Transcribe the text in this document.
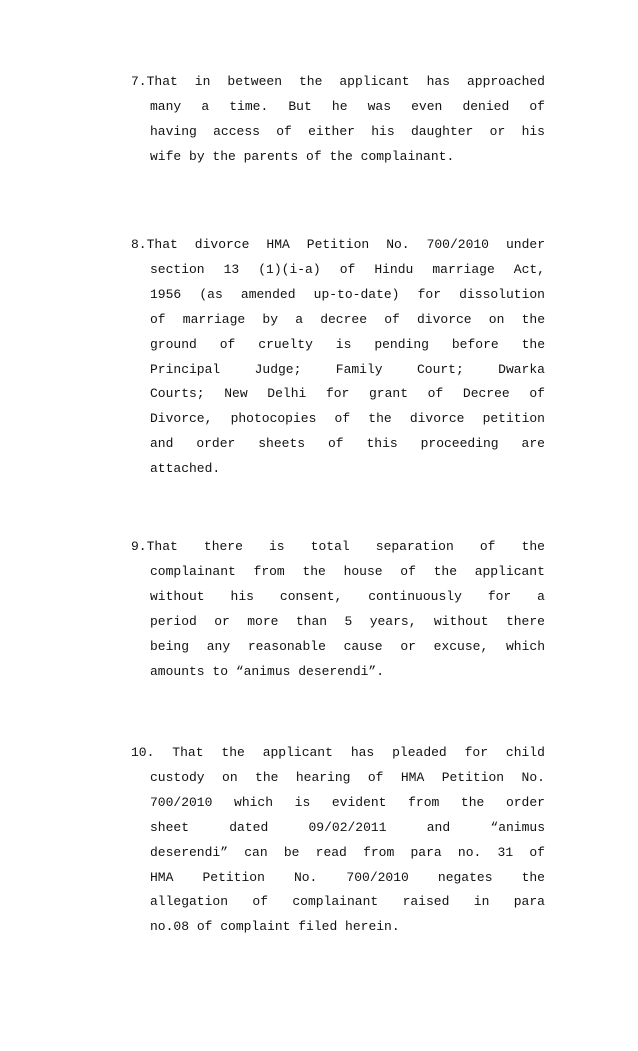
7.That in between the applicant has approached
many a time. But he was even denied of
having access of either his daughter or his
wife by the parents of the complainant.
8.That divorce HMA Petition No. 700/2010 under
section 13 (1)(i-a) of Hindu marriage Act,
1956 (as amended up-to-date) for dissolution
of marriage by a decree of divorce on the
ground of cruelty is pending before the
Principal	Judge;	Family	Court;	Dwarka
Courts; New Delhi for grant of Decree of
Divorce, photocopies of the divorce petition
and order sheets of this proceeding are
attached.
9.That there is total separation of the
complainant from the house of the applicant
without his consent, continuously for a
period or more than 5 years, without there
being any reasonable cause or excuse, which
amounts to “animus deserendi”.
10. That the applicant has pleaded for child
custody on the hearing of HMA Petition No.
700/2010 which is evident from the order
sheet	dated	09/02/2011	and	“animus
deserendi” can be read from para no. 31 of
HMA Petition No. 700/2010 negates the
allegation of complainant raised in para
no.08 of complaint filed herein.
